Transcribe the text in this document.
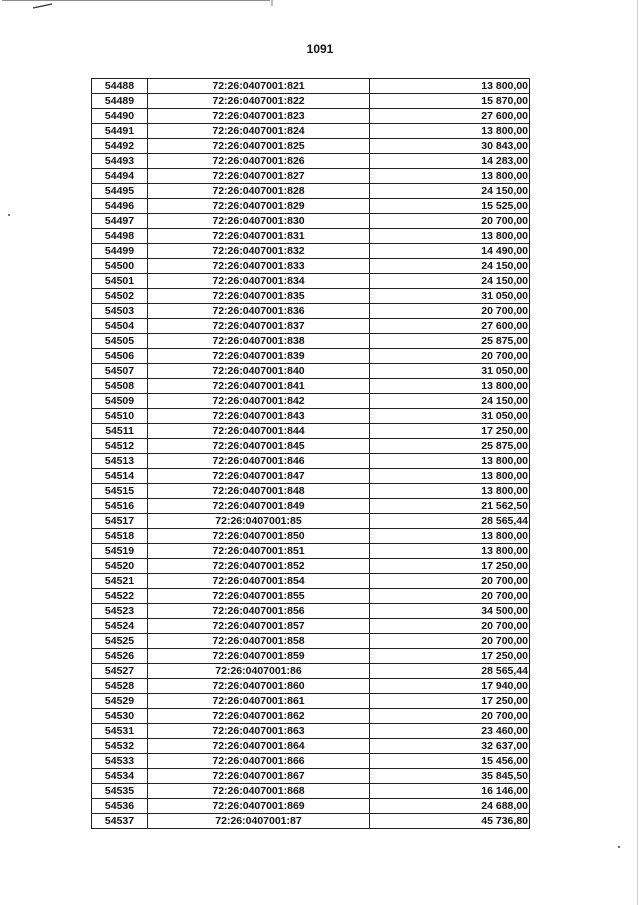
1091
54488	72:26:0407001:821	13 800,00
54489	72:26:0407001:822	15 870,00
54490	72:26:0407001:823	27 600,00
54491	72:26:0407001:824	13 800,00
54492	72:26:0407001:825	30 843,00
54493	72:26:0407001:826	14 283,00
54494	72:26:0407001:827	13 800,00
54495	72:26:0407001:828	24 150,00
54496	72:26:0407001:829	15 525,00
54497	72:26:0407001:830	20 700,00
54498	72:26:0407001:831	13 800,00
54499	72:26:0407001:832	14 490,00
54500	72:26:0407001:833	24 150,00
54501	72:26:0407001:834	24 150,00
54502	72:26:0407001:835	31 050,00
54503	72:26:0407001:836	20 700,00
54504	72:26:0407001:837	27 600,00
54505	72:26:0407001:838	25 875,00
54506	72:26:0407001:839	20 700,00
54507	72:26:0407001:840	31 050,00
54508	72:26:0407001:841	13 800,00
54509	72:26:0407001:842	24 150,00
54510	72:26:0407001:843	31 050,00
54511	72:26:0407001:844	17 250,00
54512	72:26:0407001:845	25 875,00
54513	72:26:0407001:846	13 800,00
54514	72:26:0407001:847	13 800,00
54515	72:26:0407001:848	13 800,00
54516	72:26:0407001:849	21 562,50
54517	72:26:0407001:85	28 565,44
54518	72:26:0407001:850	13 800,00
54519	72:26:0407001:851	13 800,00
54520	72:26:0407001:852	17 250,00
54521	72:26:0407001:854	20 700,00
54522	72:26:0407001:855	20 700,00
54523	72:26:0407001:856	34 500,00
54524	72:26:0407001:857	20 700,00
54525	72:26:0407001:858	20 700,00
54526	72:26:0407001:859	17 250,00
54527	72:26:0407001:86	28 565,44
54528	72:26:0407001:860	17 940,00
54529	72:26:0407001:861	17 250,00
54530	72:26:0407001:862	20 700,00
54531	72:26:0407001:863	23 460,00
54532	72:26:0407001:864	32 637,00
54533	72:26:0407001:866	15 456,00
54534	72:26:0407001:867	35 845,50
54535	72:26:0407001:868	16 146,00
54536	72:26:0407001:869	24 688,00
54537	72:26:0407001:87	45 736,80
